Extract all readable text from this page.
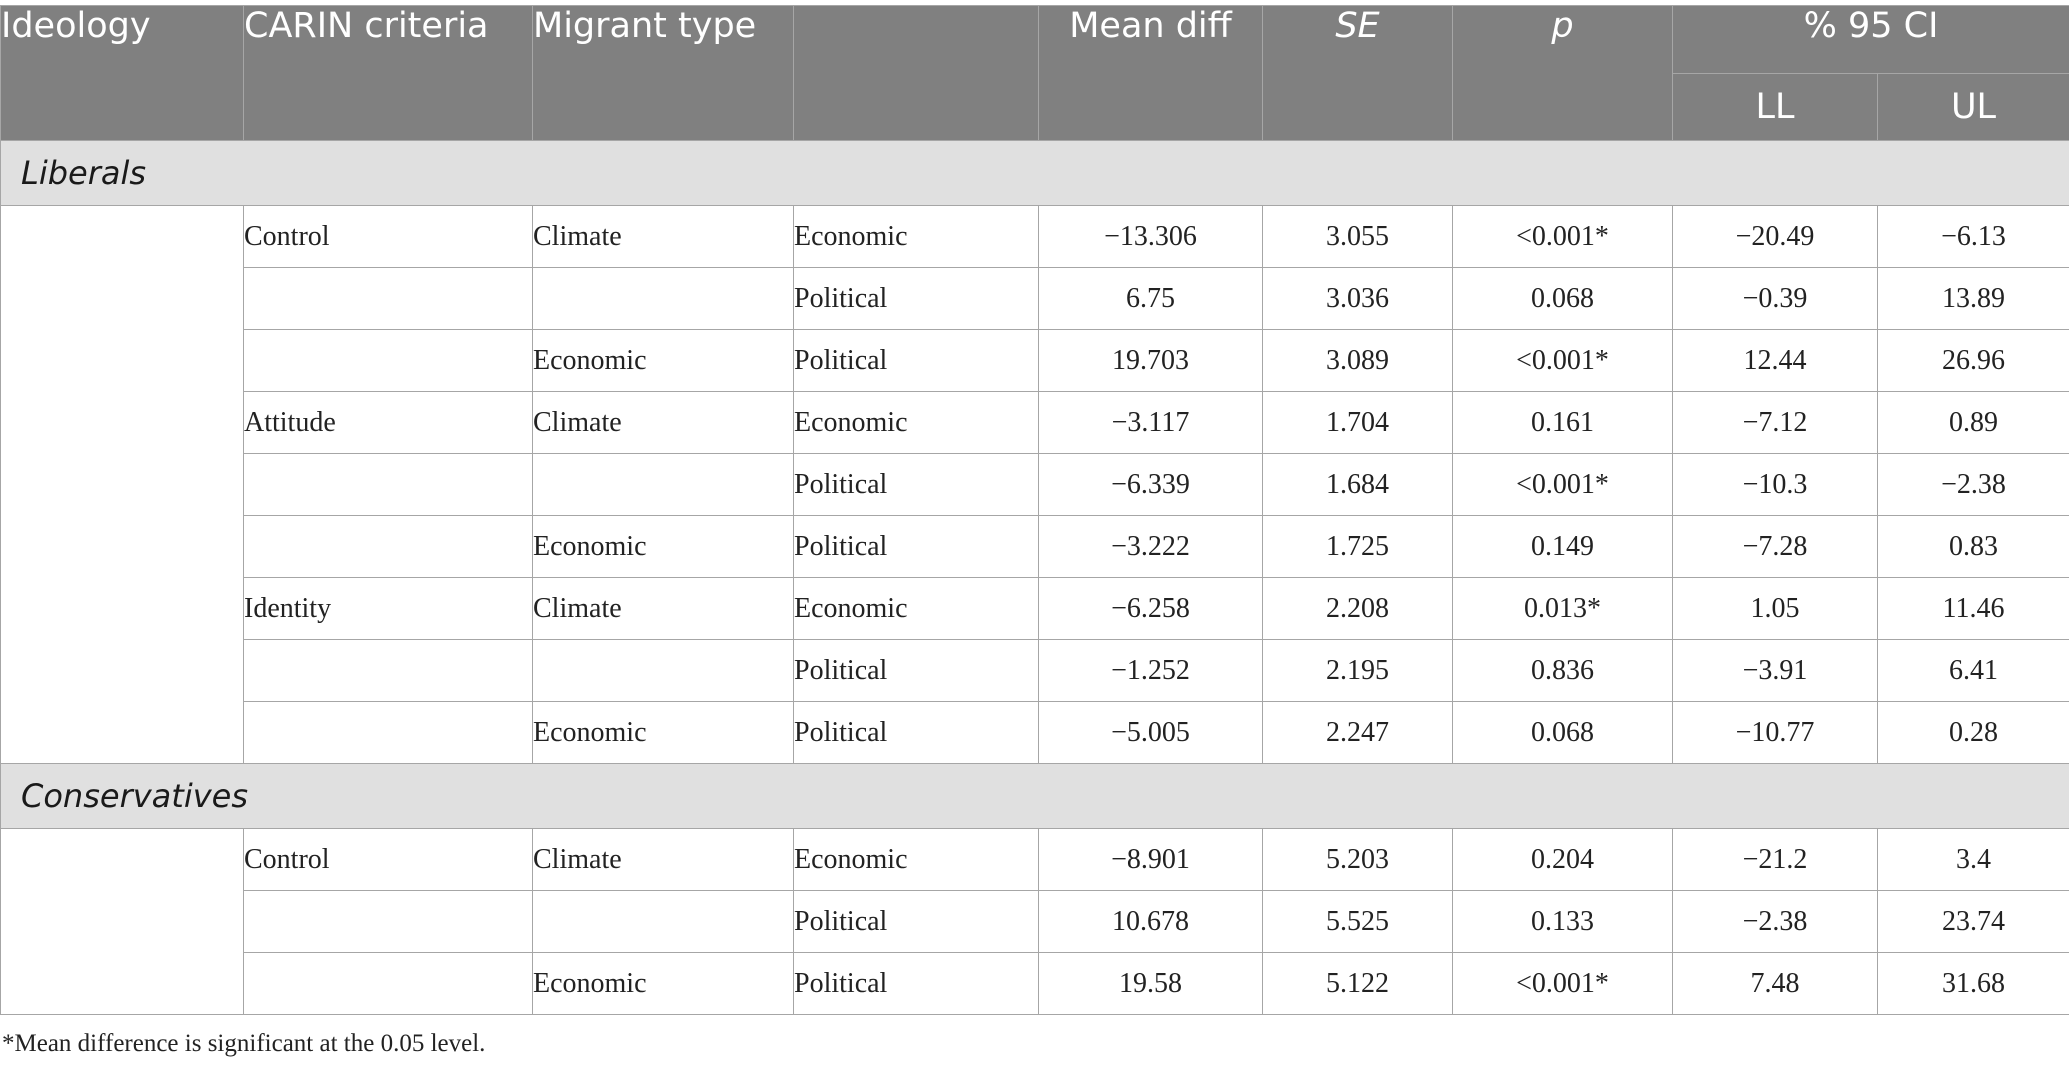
Ideology	CARIN criteria	Migrant type		Mean diff	SE	p	% 95 CI	
							LL	UL
Liberals								
	Control	Climate	Economic	−13.306	3.055	<0.001*	−20.49	−6.13
			Political	6.75	3.036	0.068	−0.39	13.89
		Economic	Political	19.703	3.089	<0.001*	12.44	26.96
	Attitude	Climate	Economic	−3.117	1.704	0.161	−7.12	0.89
			Political	−6.339	1.684	<0.001*	−10.3	−2.38
		Economic	Political	−3.222	1.725	0.149	−7.28	0.83
	Identity	Climate	Economic	−6.258	2.208	0.013*	1.05	11.46
			Political	−1.252	2.195	0.836	−3.91	6.41
		Economic	Political	−5.005	2.247	0.068	−10.77	0.28
Conservatives								
	Control	Climate	Economic	−8.901	5.203	0.204	−21.2	3.4
			Political	10.678	5.525	0.133	−2.38	23.74
		Economic	Political	19.58	5.122	<0.001*	7.48	31.68
*Mean difference is significant at the 0.05 level.
